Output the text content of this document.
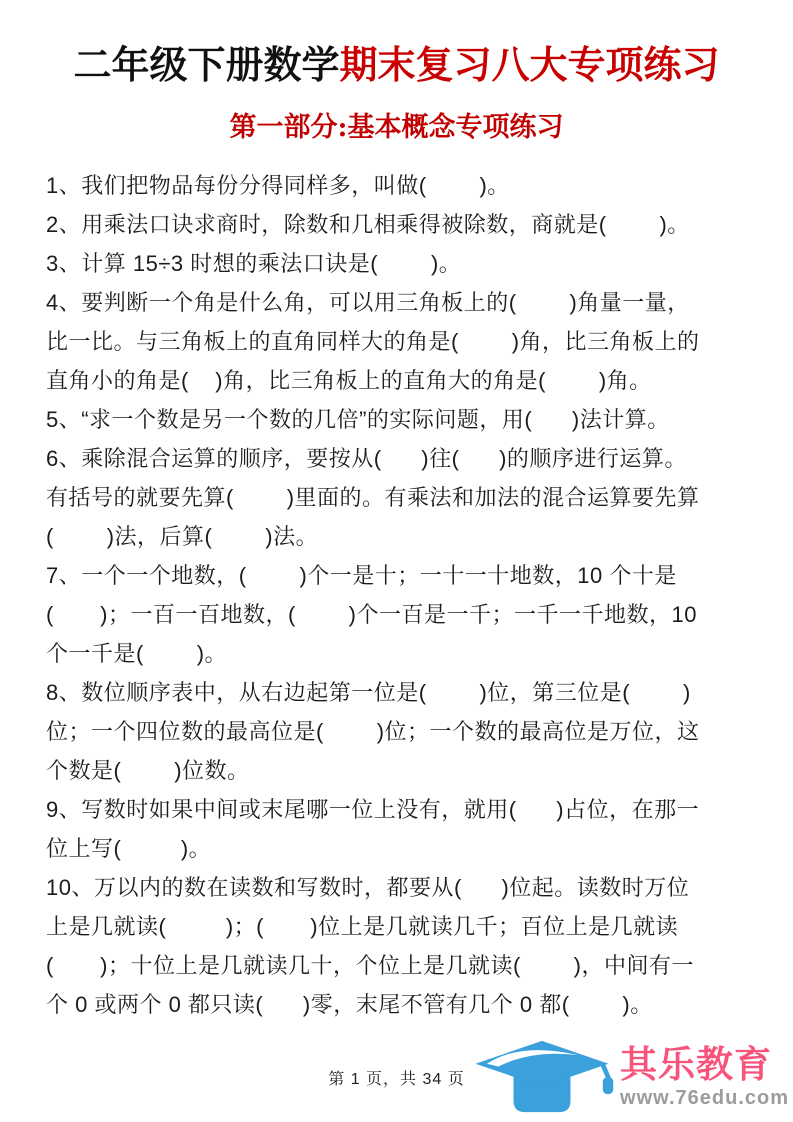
二年级下册数学期末复习八大专项练习
第一部分:基本概念专项练习
1、我们把物品每份分得同样多，叫做(        )。
2、用乘法口诀求商时，除数和几相乘得被除数，商就是(        )。
3、计算 15÷3 时想的乘法口诀是(        )。
4、要判断一个角是什么角，可以用三角板上的(        )角量一量，
比一比。与三角板上的直角同样大的角是(        )角，比三角板上的
直角小的角是(    )角，比三角板上的直角大的角是(        )角。
5、“求一个数是另一个数的几倍”的实际问题，用(      )法计算。
6、乘除混合运算的顺序，要按从(      )往(      )的顺序进行运算。
有括号的就要先算(        )里面的。有乘法和加法的混合运算要先算
(        )法，后算(        )法。
7、一个一个地数，(        )个一是十；一十一十地数，10 个十是
(       )；一百一百地数，(        )个一百是一千；一千一千地数，10
个一千是(        )。
8、数位顺序表中，从右边起第一位是(        )位，第三位是(        )
位；一个四位数的最高位是(        )位；一个数的最高位是万位，这
个数是(        )位数。
9、写数时如果中间或末尾哪一位上没有，就用(      )占位，在那一
位上写(         )。
10、万以内的数在读数和写数时，都要从(      )位起。读数时万位
上是几就读(         )；(       )位上是几就读几千；百位上是几就读
(       )；十位上是几就读几十，个位上是几就读(        )，中间有一
个 0 或两个 0 都只读(      )零，末尾不管有几个 0 都(        )。
第 1 页，共 34 页	其乐教育
www.76edu.com
